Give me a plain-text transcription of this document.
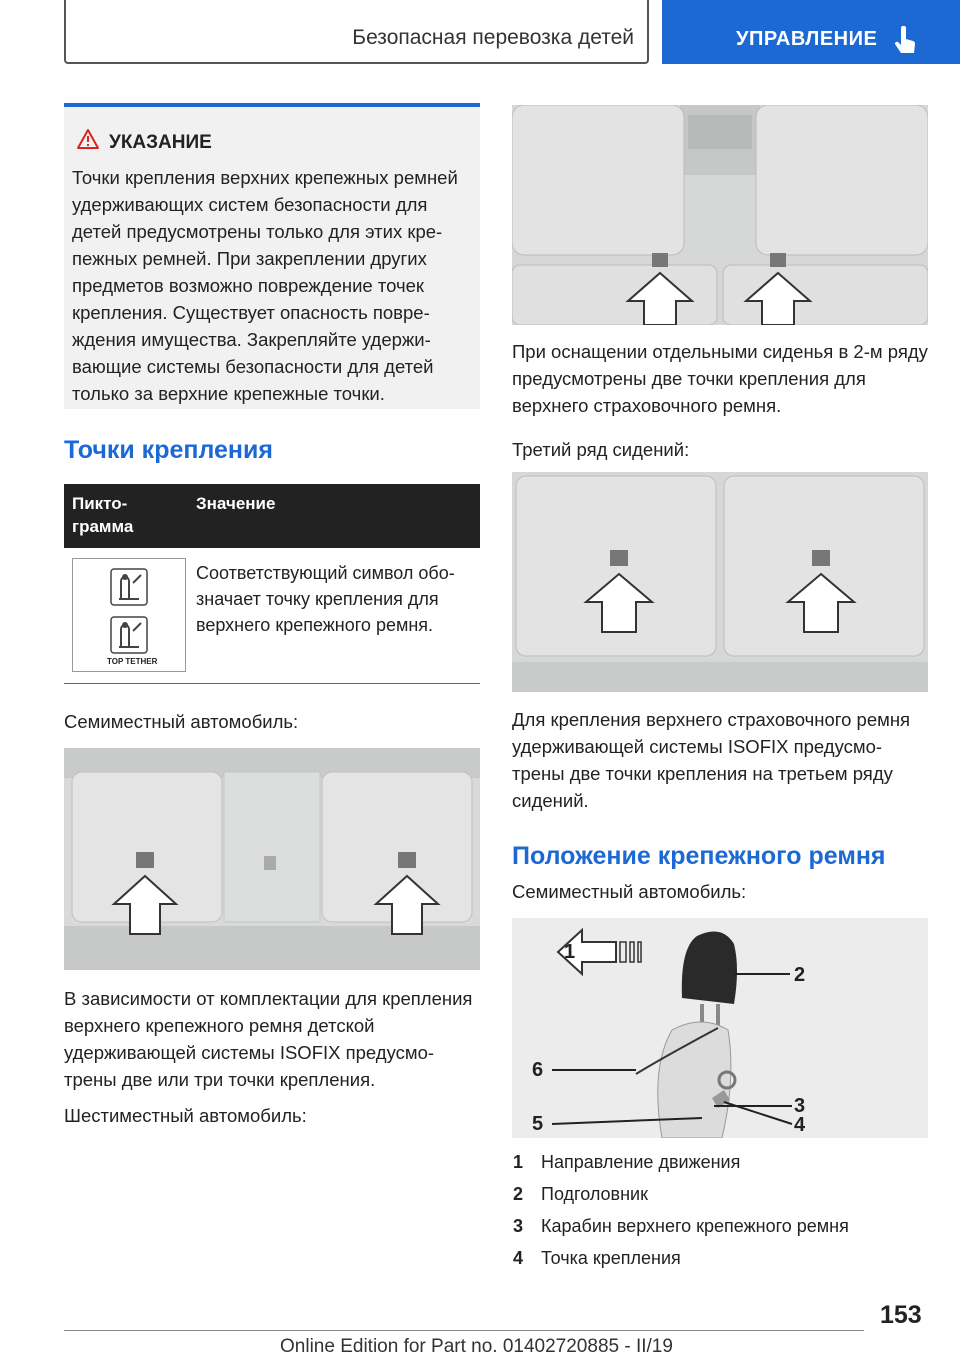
Безопасная перевозка детей	УПРАВЛЕНИЕ
УКАЗАНИЕ
Точки крепления верхних крепежных ремней удерживающих систем безопасности для детей предусмотрены только для этих крепежных ремней. При закреплении других предметов возможно повреждение точек крепления. Существует опасность повреждения имущества. Закрепляйте удерживающие системы безопасности для детей только за верхние крепежные точки.
Точки крепления
Пиктограмма
Значение
TOP TETHER
Соответствующий символ обозначает точку крепления для верхнего крепежного ремня.
Семиместный автомобиль:
В зависимости от комплектации для крепления верхнего крепежного ремня детской удерживающей системы ISOFIX предусмотрены две или три точки крепления.
Шестиместный автомобиль:
При оснащении отдельными сиденья в 2-м ряду предусмотрены две точки крепления для верхнего страховочного ремня.
Третий ряд сидений:
Для крепления верхнего страховочного ремня удерживающей системы ISOFIX предусмотрены две точки крепления на третьем ряду сидений.
Положение крепежного ремня
Семиместный автомобиль:
1
2
3
4
5
6
1 Направление движения
2 Подголовник
3 Карабин верхнего крепежного ремня
4 Точка крепления
153
Online Edition for Part no. 01402720885 - II/19
